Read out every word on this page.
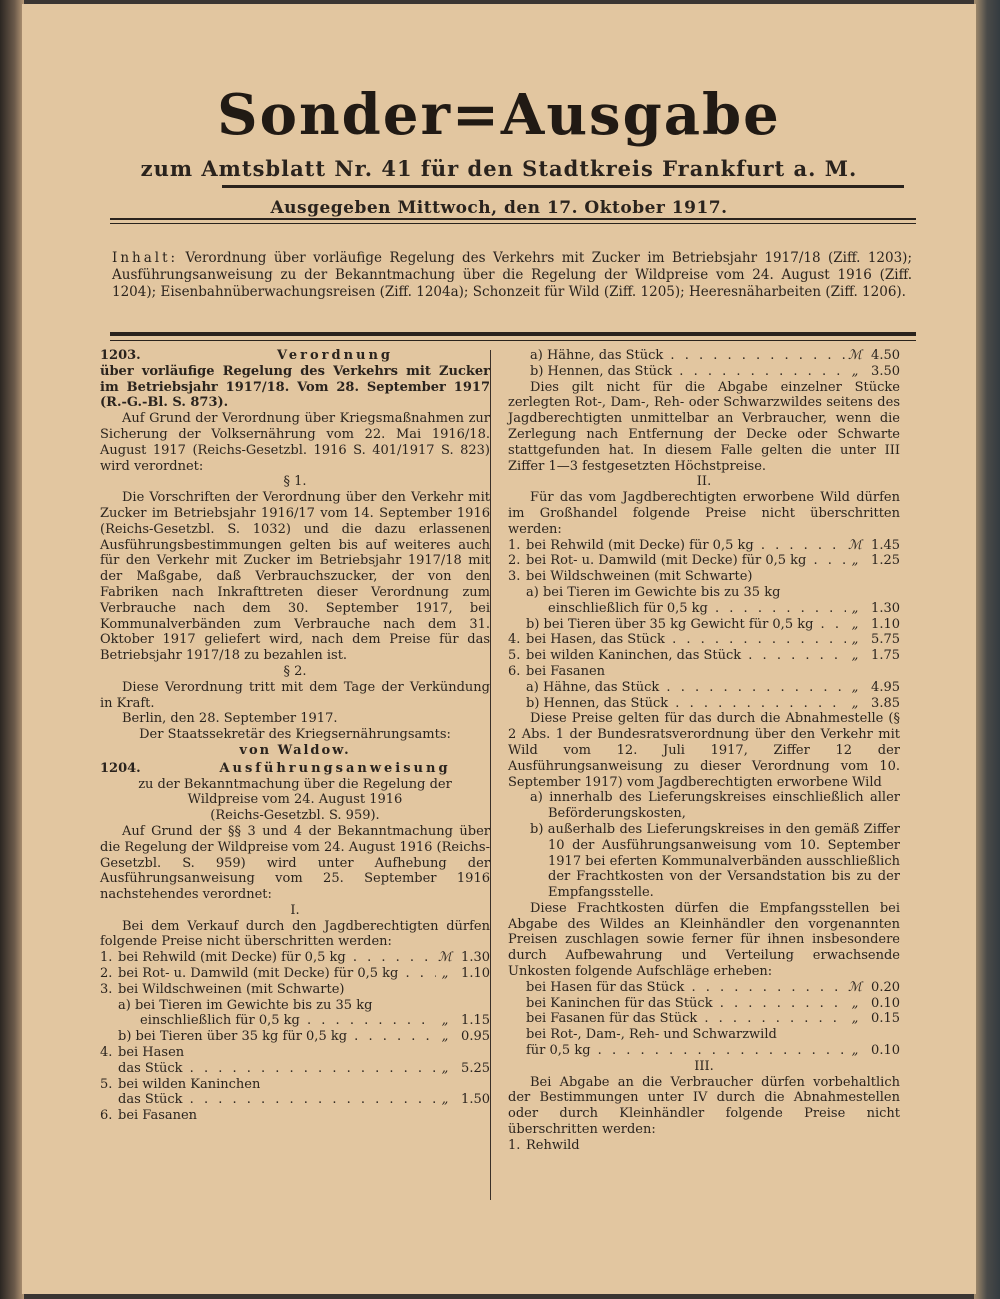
Sonder=Ausgabe
zum Amtsblatt Nr. 41 für den Stadtkreis Frankfurt a. M.
Ausgegeben Mittwoch, den 17. Oktober 1917.
Inhalt: Verordnung über vorläufige Regelung des Verkehrs mit Zucker im Betriebsjahr 1917/18 (Ziff. 1203); Ausführungsanweisung zu der Bekanntmachung über die Regelung der Wildpreise vom 24. August 1916 (Ziff. 1204); Eisenbahnüberwachungsreisen (Ziff. 1204a); Schonzeit für Wild (Ziff. 1205); Heeresnäharbeiten (Ziff. 1206).
1203.	Verordnung

über vorläufige Regelung des Verkehrs mit Zucker im Betriebsjahr 1917/18. Vom 28. September 1917 (R.-G.-Bl. S. 873).

Auf Grund der Verordnung über Kriegsmaßnahmen zur Sicherung der Volksernährung vom 22. Mai 1916/18. August 1917 (Reichs-Gesetzbl. 1916 S. 401/1917 S. 823) wird verordnet:

§ 1.

Die Vorschriften der Verordnung über den Verkehr mit Zucker im Betriebsjahr 1916/17 vom 14. September 1916 (Reichs-Gesetzbl. S. 1032) und die dazu erlassenen Ausführungsbestimmungen gelten bis auf weiteres auch für den Verkehr mit Zucker im Betriebsjahr 1917/18 mit der Maßgabe, daß Verbrauchszucker, der von den Fabriken nach Inkrafttreten dieser Verordnung zum Verbrauche nach dem 30. September 1917, bei Kommunalverbänden zum Verbrauche nach dem 31. Oktober 1917 geliefert wird, nach dem Preise für das Betriebsjahr 1917/18 zu bezahlen ist.

§ 2.

Diese Verordnung tritt mit dem Tage der Verkündung in Kraft.

Berlin, den 28. September 1917.

Der Staatssekretär des Kriegsernährungsamts:

von Waldow.

1204.	Ausführungsanweisung

zu der Bekanntmachung über die Regelung der Wildpreise vom 24. August 1916

(Reichs-Gesetzbl. S. 959).

Auf Grund der §§ 3 und 4 der Bekanntmachung über die Regelung der Wildpreise vom 24. August 1916 (Reichs-Gesetzbl. S. 959) wird unter Aufhebung der Ausführungsanweisung vom 25. September 1916 nachstehendes verordnet:

I.

Bei dem Verkauf durch den Jagdberechtigten dürfen folgende Preise nicht überschritten werden:

1. bei Rehwild (mit Decke) für 0,5 kg . . .	ℳ 1.30
2. bei Rot- u. Damwild (mit Decke) für 0,5 kg . . .	„ 1.10
3. bei Wildschweinen (mit Schwarte)

a) bei Tieren im Gewichte bis zu 35 kg

einschließlich für 0,5 kg . . .	„ 1.15
b) bei Tieren über 35 kg für 0,5 kg . . .	„ 0.95
4. bei Hasen
das Stück . . .	„ 5.25
5. bei wilden Kaninchen
das Stück . . .	„ 1.50
6. bei Fasanen
a) Hähne, das Stück . . .	ℳ 4.50
b) Hennen, das Stück . . .	„ 3.50

Dies gilt nicht für die Abgabe einzelner Stücke zerlegten Rot-, Dam-, Reh- oder Schwarzwildes seitens des Jagdberechtigten unmittelbar an Verbraucher, wenn die Zerlegung nach Entfernung der Decke oder Schwarte stattgefunden hat. In diesem Falle gelten die unter III Ziffer 1—3 festgesetzten Höchstpreise.

II.

Für das vom Jagdberechtigten erworbene Wild dürfen im Großhandel folgende Preise nicht überschritten werden:

1. bei Rehwild (mit Decke) für 0,5 kg . . .	ℳ 1.45
2. bei Rot- u. Damwild (mit Decke) für 0,5 kg . . .	„ 1.25
3. bei Wildschweinen (mit Schwarte)

a) bei Tieren im Gewichte bis zu 35 kg

einschließlich für 0,5 kg . . .	„ 1.30
b) bei Tieren über 35 kg Gewicht für 0,5 kg . . .	„ 1.10
4. bei Hasen, das Stück . . .	„ 5.75
5. bei wilden Kaninchen, das Stück . . .	„ 1.75
6. bei Fasanen
a) Hähne, das Stück . . .	„ 4.95
b) Hennen, das Stück . . .	„ 3.85

Diese Preise gelten für das durch die Abnahmestelle (§ 2 Abs. 1 der Bundesratsverordnung über den Verkehr mit Wild vom 12. Juli 1917, Ziffer 12 der Ausführungsanweisung zu dieser Verordnung vom 10. September 1917) vom Jagdberechtigten erworbene Wild

a) innerhalb des Lieferungskreises einschließlich aller Beförderungskosten,

b) außerhalb des Lieferungskreises in den gemäß Ziffer 10 der Ausführungsanweisung vom 10. September 1917 bei eferten Kommunalverbänden ausschließlich der Frachtkosten von der Versandstation bis zu der Empfangsstelle.

Diese Frachtkosten dürfen die Empfangsstellen bei Abgabe des Wildes an Kleinhändler den vorgenannten Preisen zuschlagen sowie ferner für ihnen insbesondere durch Aufbewahrung und Verteilung erwachsende Unkosten folgende Aufschläge erheben:

bei Hasen für das Stück . . .	ℳ 0.20
bei Kaninchen für das Stück . . .	„ 0.10
bei Fasanen für das Stück . . .	„ 0.15

bei Rot-, Dam-, Reh- und Schwarzwild

für 0,5 kg . . .	„ 0.10

III.

Bei Abgabe an die Verbraucher dürfen vorbehaltlich der Bestimmungen unter IV durch die Abnahmestellen oder durch Kleinhändler folgende Preise nicht überschritten werden:

1. Rehwild
